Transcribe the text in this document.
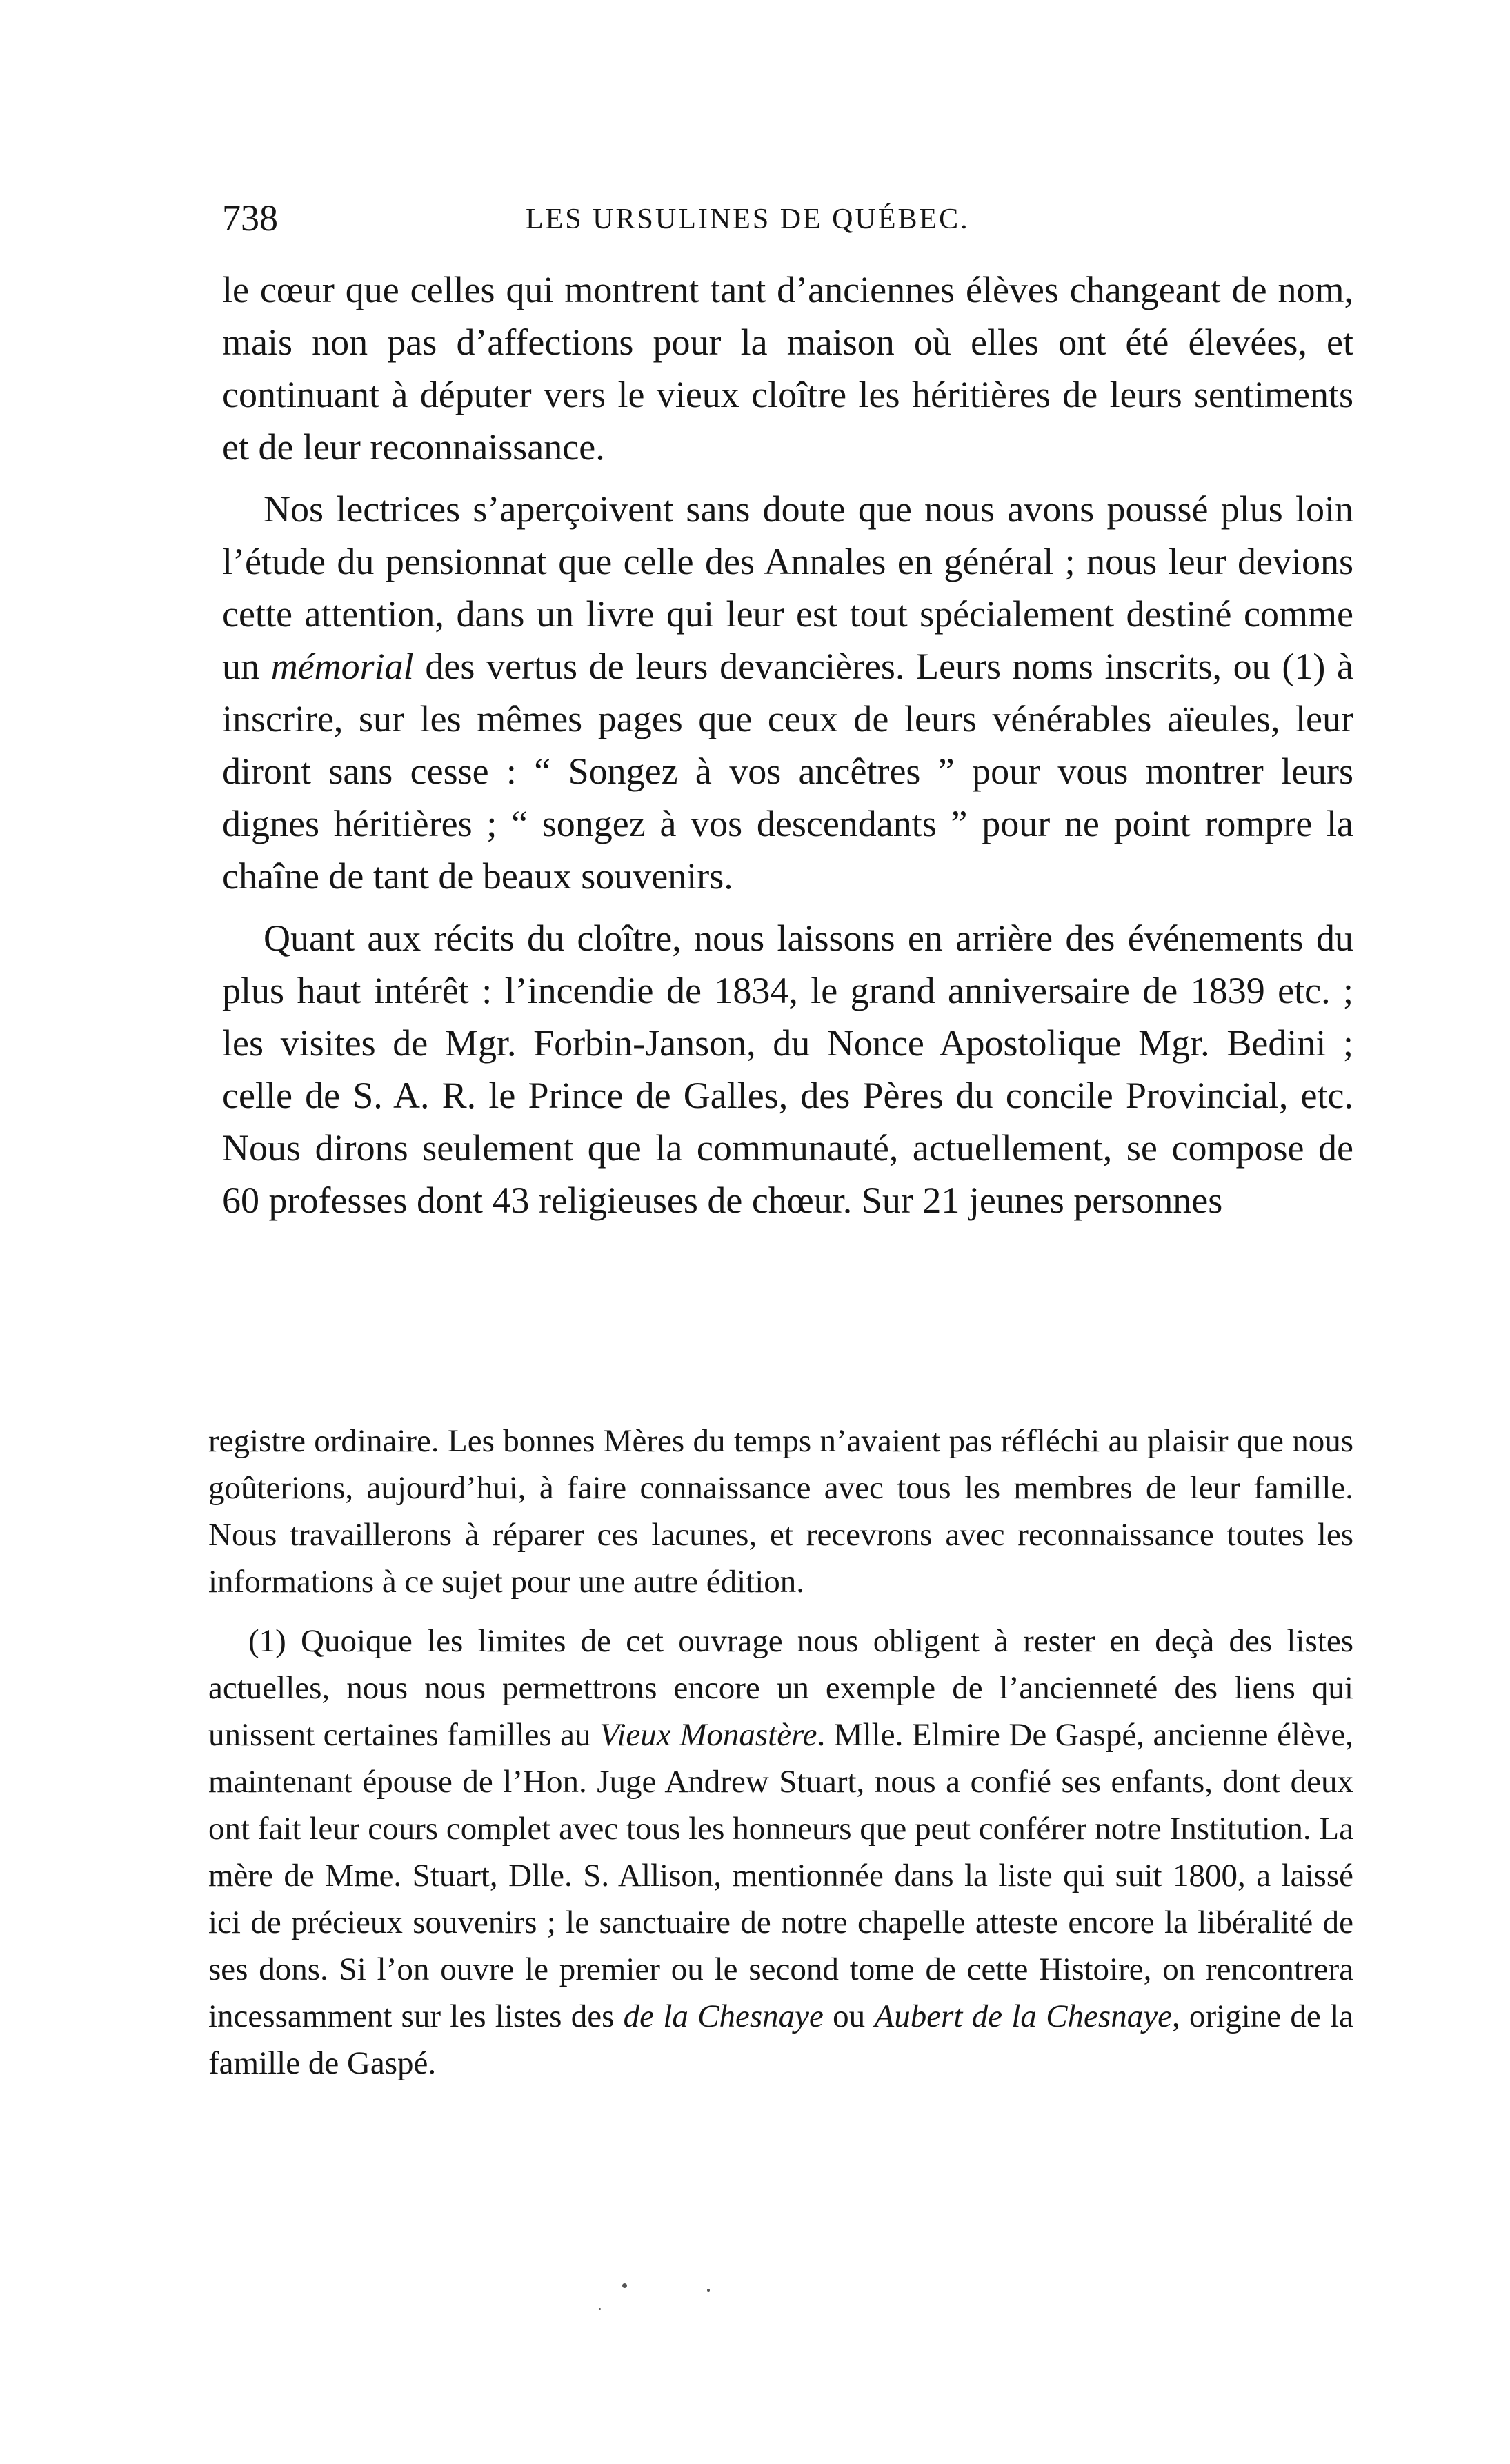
738	LES URSULINES DE QUÉBEC.

le cœur que celles qui montrent tant d’anciennes élèves changeant de nom, mais non pas d’affections pour la maison où elles ont été élevées, et continuant à députer vers le vieux cloître les héritières de leurs sentiments et de leur reconnaissance.

Nos lectrices s’aperçoivent sans doute que nous avons poussé plus loin l’étude du pensionnat que celle des Annales en général ; nous leur devions cette attention, dans un livre qui leur est tout spécialement destiné comme un mémorial des vertus de leurs devancières. Leurs noms inscrits, ou (1) à inscrire, sur les mêmes pages que ceux de leurs vénérables aïeules, leur diront sans cesse : “ Songez à vos ancêtres ” pour vous montrer leurs dignes héritières ; “ songez à vos descendants ” pour ne point rompre la chaîne de tant de beaux souvenirs.

Quant aux récits du cloître, nous laissons en arrière des événements du plus haut intérêt : l’incendie de 1834, le grand anniversaire de 1839 etc. ; les visites de Mgr. Forbin-Janson, du Nonce Apostolique Mgr. Bedini ; celle de S. A. R. le Prince de Galles, des Pères du concile Provincial, etc. Nous dirons seulement que la communauté, actuellement, se compose de 60 professes dont 43 religieuses de chœur. Sur 21 jeunes personnes

registre ordinaire. Les bonnes Mères du temps n’avaient pas réfléchi au plaisir que nous goûterions, aujourd’hui, à faire connaissance avec tous les membres de leur famille. Nous travaillerons à réparer ces lacunes, et recevrons avec reconnaissance toutes les informations à ce sujet pour une autre édition.

(1) Quoique les limites de cet ouvrage nous obligent à rester en deçà des listes actuelles, nous nous permettrons encore un exemple de l’ancienneté des liens qui unissent certaines familles au Vieux Monastère. Mlle. Elmire De Gaspé, ancienne élève, maintenant épouse de l’Hon. Juge Andrew Stuart, nous a confié ses enfants, dont deux ont fait leur cours complet avec tous les honneurs que peut conférer notre Institution. La mère de Mme. Stuart, Dlle. S. Allison, mentionnée dans la liste qui suit 1800, a laissé ici de précieux souvenirs ; le sanctuaire de notre chapelle atteste encore la libéralité de ses dons. Si l’on ouvre le premier ou le second tome de cette Histoire, on rencontrera incessamment sur les listes des de la Chesnaye ou Aubert de la Chesnaye, origine de la famille de Gaspé.
